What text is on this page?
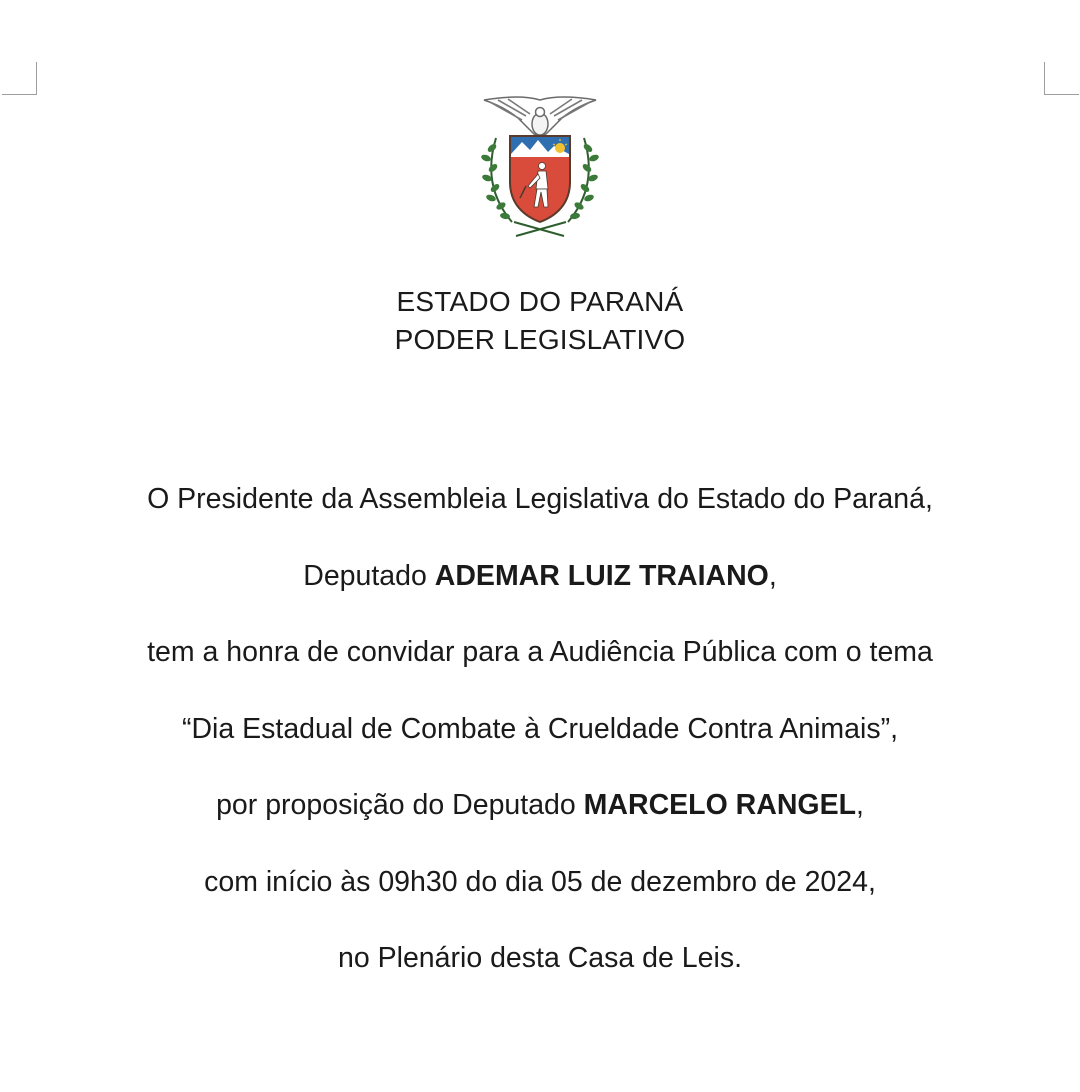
ESTADO DO PARANÁ
PODER LEGISLATIVO
O Presidente da Assembleia Legislativa do Estado do Paraná,
Deputado ADEMAR LUIZ TRAIANO,
tem a honra de convidar para a Audiência Pública com o tema
“Dia Estadual de Combate à Crueldade Contra Animais”,
por proposição do Deputado MARCELO RANGEL,
com início às 09h30 do dia 05 de dezembro de 2024,
no Plenário desta Casa de Leis.
